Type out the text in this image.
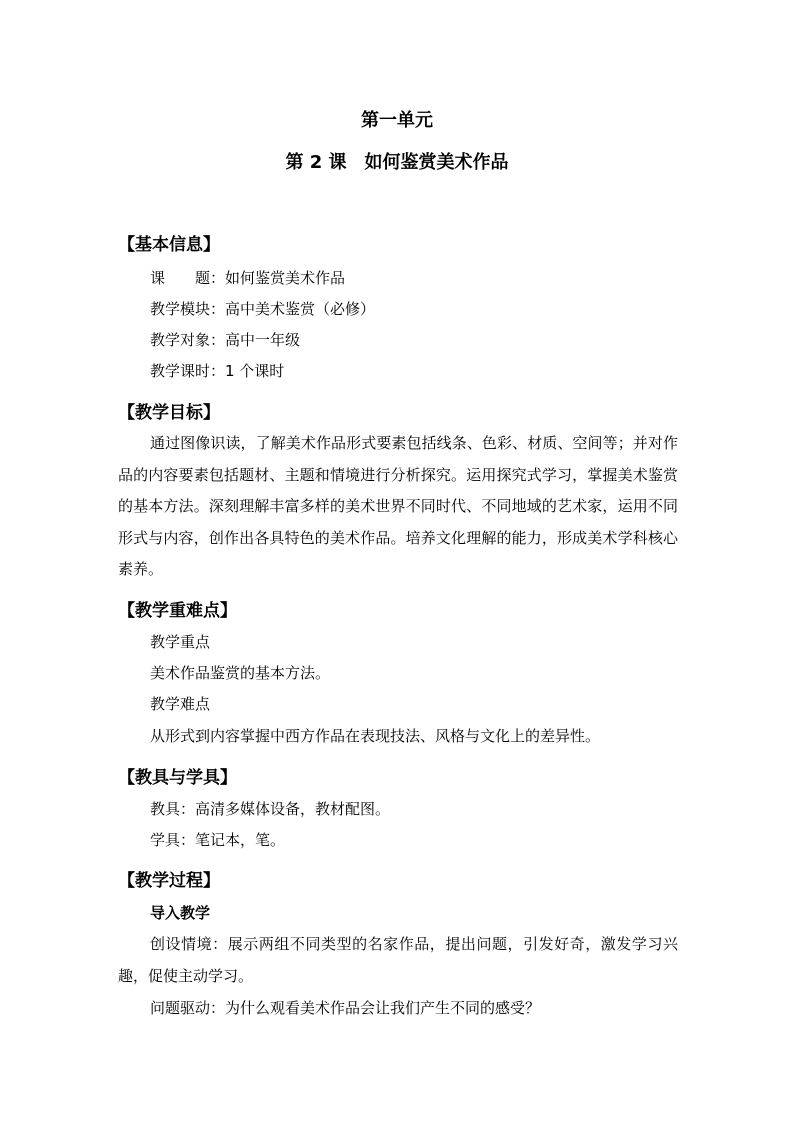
第一单元
第 2 课　如何鉴赏美术作品
【基本信息】
课　　题：如何鉴赏美术作品
教学模块：高中美术鉴赏（必修）
教学对象：高中一年级
教学课时：1 个课时
【教学目标】
通过图像识读，了解美术作品形式要素包括线条、色彩、材质、空间等；并对作品的内容要素包括题材、主题和情境进行分析探究。运用探究式学习，掌握美术鉴赏的基本方法。深刻理解丰富多样的美术世界不同时代、不同地域的艺术家，运用不同形式与内容，创作出各具特色的美术作品。培养文化理解的能力，形成美术学科核心素养。
【教学重难点】
教学重点
美术作品鉴赏的基本方法。
教学难点
从形式到内容掌握中西方作品在表现技法、风格与文化上的差异性。
【教具与学具】
教具：高清多媒体设备，教材配图。
学具：笔记本，笔。
【教学过程】
导入教学
创设情境：展示两组不同类型的名家作品，提出问题，引发好奇，激发学习兴趣，促使主动学习。
问题驱动：为什么观看美术作品会让我们产生不同的感受？
